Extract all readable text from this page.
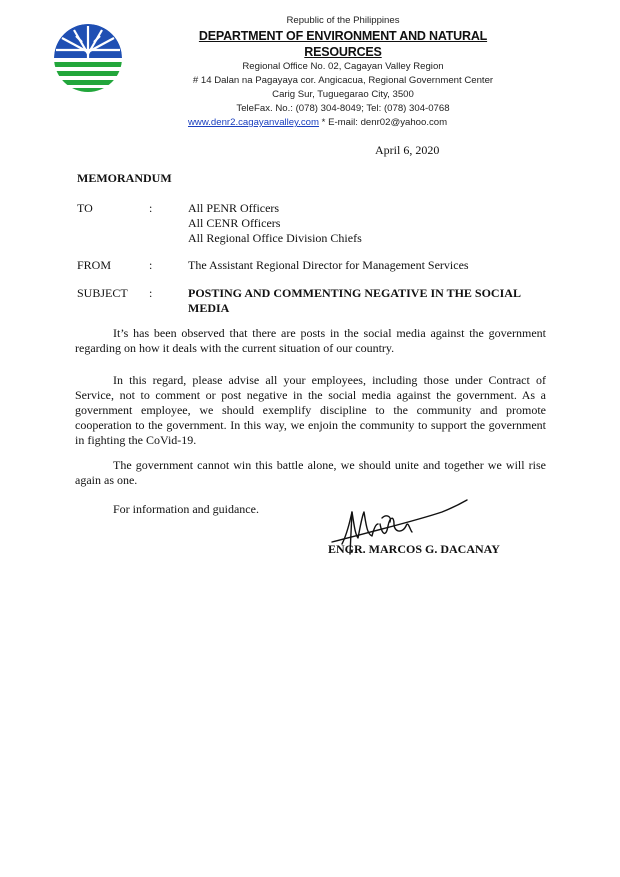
Republic of the Philippines
DEPARTMENT OF ENVIRONMENT AND NATURAL RESOURCES
Regional Office No. 02, Cagayan Valley Region
# 14 Dalan na Pagayaya cor. Angicacua, Regional Government Center
Carig Sur, Tuguegarao City, 3500
TeleFax. No.: (078) 304-8049; Tel: (078) 304-0768
www.denr2.cagayanvalley.com * E-mail: denr02@yahoo.com
April 6, 2020
MEMORANDUM
TO	:	All PENR Officers
All CENR Officers
All Regional Office Division Chiefs
FROM	:	The Assistant Regional Director for Management Services
SUBJECT :	POSTING AND COMMENTING NEGATIVE IN THE SOCIAL MEDIA
It’s has been observed that there are posts in the social media against the government regarding on how it deals with the current situation of our country.
In this regard, please advise all your employees, including those under Contract of Service, not to comment or post negative in the social media against the government. As a government employee, we should exemplify discipline to the community and promote cooperation to the government. In this way, we enjoin the community to support the government in fighting the CoVid-19.
The government cannot win this battle alone, we should unite and together we will rise again as one.
For information and guidance.
ENGR. MARCOS G. DACANAY
